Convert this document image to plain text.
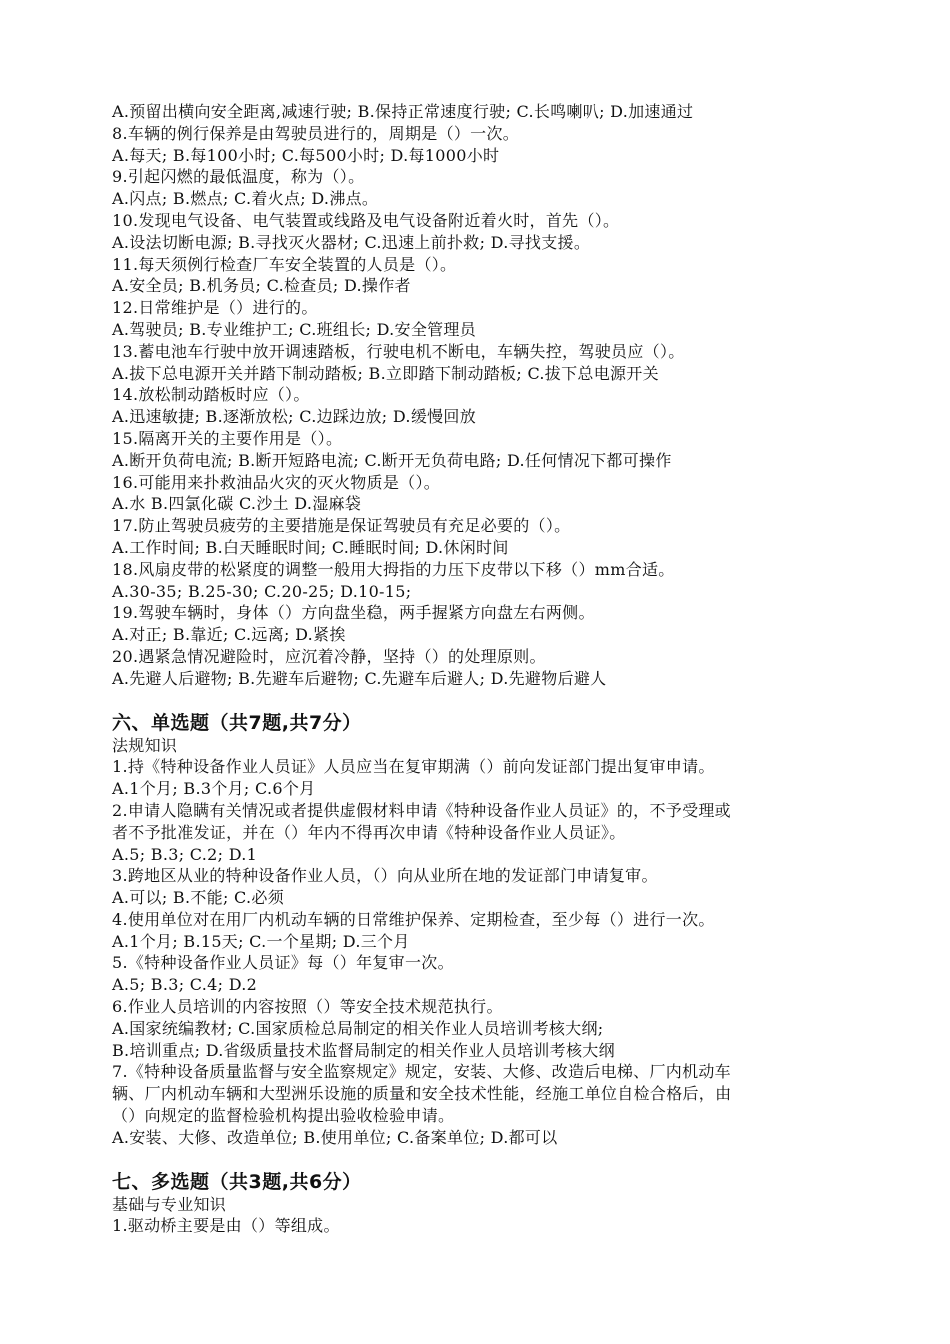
A.预留出横向安全距离,减速行驶; B.保持正常速度行驶; C.长鸣喇叭; D.加速通过
8.车辆的例行保养是由驾驶员进行的，周期是（）一次。
A.每天; B.每100小时; C.每500小时; D.每1000小时
9.引起闪燃的最低温度，称为（）。
A.闪点; B.燃点; C.着火点; D.沸点。
10.发现电气设备、电气装置或线路及电气设备附近着火时，首先（）。
A.设法切断电源; B.寻找灭火器材; C.迅速上前扑救; D.寻找支援。
11.每天须例行检查厂车安全装置的人员是（）。
A.安全员; B.机务员; C.检查员; D.操作者
12.日常维护是（）进行的。
A.驾驶员; B.专业维护工; C.班组长; D.安全管理员
13.蓄电池车行驶中放开调速踏板，行驶电机不断电，车辆失控，驾驶员应（）。
A.拔下总电源开关并踏下制动踏板; B.立即踏下制动踏板; C.拔下总电源开关
14.放松制动踏板时应（）。
A.迅速敏捷; B.逐渐放松; C.边踩边放; D.缓慢回放
15.隔离开关的主要作用是（）。
A.断开负荷电流; B.断开短路电流; C.断开无负荷电路; D.任何情况下都可操作
16.可能用来扑救油品火灾的灭火物质是（）。
A.水 B.四氯化碳 C.沙土 D.湿麻袋
17.防止驾驶员疲劳的主要措施是保证驾驶员有充足必要的（）。
A.工作时间; B.白天睡眠时间; C.睡眠时间; D.休闲时间
18.风扇皮带的松紧度的调整一般用大拇指的力压下皮带以下移（）mm合适。
A.30-35; B.25-30; C.20-25; D.10-15;
19.驾驶车辆时，身体（）方向盘坐稳，两手握紧方向盘左右两侧。
A.对正; B.靠近; C.远离; D.紧挨
20.遇紧急情况避险时，应沉着冷静，坚持（）的处理原则。
A.先避人后避物; B.先避车后避物; C.先避车后避人; D.先避物后避人
六、单选题（共7题,共7分）
法规知识
1.持《特种设备作业人员证》人员应当在复审期满（）前向发证部门提出复审申请。
A.1个月; B.3个月; C.6个月
2.申请人隐瞒有关情况或者提供虚假材料申请《特种设备作业人员证》的，不予受理或
者不予批准发证，并在（）年内不得再次申请《特种设备作业人员证》。
A.5; B.3; C.2; D.1
3.跨地区从业的特种设备作业人员，（）向从业所在地的发证部门申请复审。
A.可以; B.不能; C.必须
4.使用单位对在用厂内机动车辆的日常维护保养、定期检查，至少每（）进行一次。
A.1个月; B.15天; C.一个星期; D.三个月
5.《特种设备作业人员证》每（）年复审一次。
A.5; B.3; C.4; D.2
6.作业人员培训的内容按照（）等安全技术规范执行。
A.国家统编教材; C.国家质检总局制定的相关作业人员培训考核大纲;
B.培训重点; D.省级质量技术监督局制定的相关作业人员培训考核大纲
7.《特种设备质量监督与安全监察规定》规定，安装、大修、改造后电梯、厂内机动车
辆、厂内机动车辆和大型洲乐设施的质量和安全技术性能，经施工单位自检合格后，由
（）向规定的监督检验机构提出验收检验申请。
A.安装、大修、改造单位; B.使用单位; C.备案单位; D.都可以
七、多选题（共3题,共6分）
基础与专业知识
1.驱动桥主要是由（）等组成。
